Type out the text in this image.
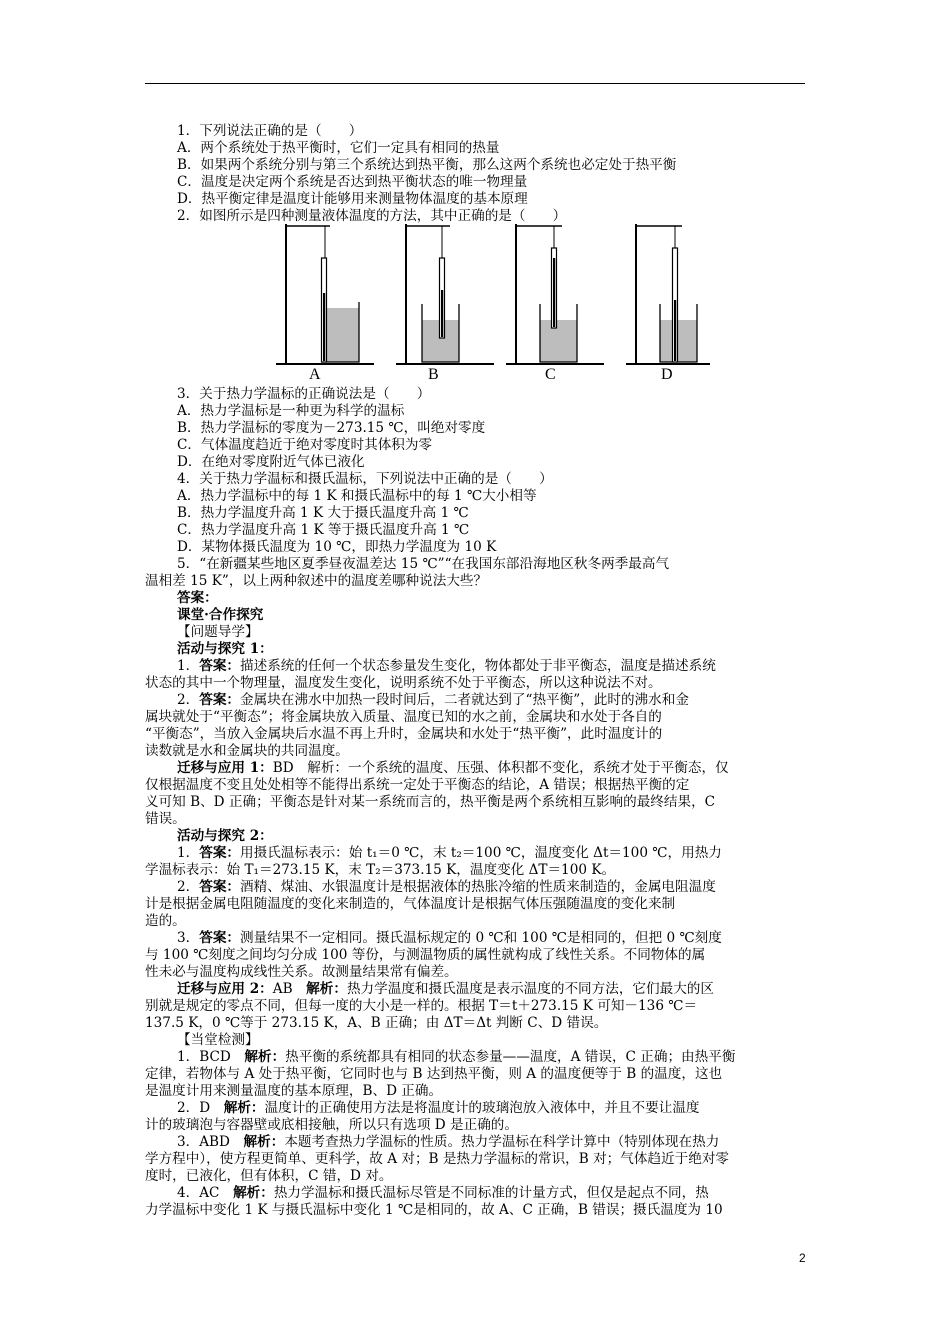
1．下列说法正确的是（　　）
A．两个系统处于热平衡时，它们一定具有相同的热量
B．如果两个系统分别与第三个系统达到热平衡，那么这两个系统也必定处于热平衡
C．温度是决定两个系统是否达到热平衡状态的唯一物理量
D．热平衡定律是温度计能够用来测量物体温度的基本原理
2．如图所示是四种测量液体温度的方法，其中正确的是（　　）
A	B	C	D
3．关于热力学温标的正确说法是（　　）
A．热力学温标是一种更为科学的温标
B．热力学温标的零度为－273.15 ℃，叫绝对零度
C．气体温度趋近于绝对零度时其体积为零
D．在绝对零度附近气体已液化
4．关于热力学温标和摄氏温标，下列说法中正确的是（　　）
A．热力学温标中的每 1 K 和摄氏温标中的每 1 ℃大小相等
B．热力学温度升高 1 K 大于摄氏温度升高 1 ℃
C．热力学温度升高 1 K 等于摄氏温度升高 1 ℃
D．某物体摄氏温度为 10 ℃，即热力学温度为 10 K
5．“在新疆某些地区夏季昼夜温差达 15 ℃”“在我国东部沿海地区秋冬两季最高气
温相差 15 K”，以上两种叙述中的温度差哪种说法大些？
答案：
课堂·合作探究
【问题导学】
活动与探究 1：
1．答案：描述系统的任何一个状态参量发生变化，物体都处于非平衡态，温度是描述系统
状态的其中一个物理量，温度发生变化，说明系统不处于平衡态，所以这种说法不对。
2．答案：金属块在沸水中加热一段时间后，二者就达到了“热平衡”，此时的沸水和金
属块就处于“平衡态”；将金属块放入质量、温度已知的水之前，金属块和水处于各自的
“平衡态”，当放入金属块后水温不再上升时，金属块和水处于“热平衡”，此时温度计的
读数就是水和金属块的共同温度。
迁移与应用 1：BD　解析：一个系统的温度、压强、体积都不变化，系统才处于平衡态，仅
仅根据温度不变且处处相等不能得出系统一定处于平衡态的结论，A 错误；根据热平衡的定
义可知 B、D 正确；平衡态是针对某一系统而言的，热平衡是两个系统相互影响的最终结果，C
错误。
活动与探究 2：
1．答案：用摄氏温标表示：始 t₁＝0 ℃，末 t₂＝100 ℃，温度变化 Δt＝100 ℃，用热力
学温标表示：始 T₁＝273.15 K，末 T₂＝373.15 K，温度变化 ΔT＝100 K。
2．答案：酒精、煤油、水银温度计是根据液体的热胀冷缩的性质来制造的，金属电阻温度
计是根据金属电阻随温度的变化来制造的，气体温度计是根据气体压强随温度的变化来制
造的。
3．答案：测量结果不一定相同。摄氏温标规定的 0 ℃和 100 ℃是相同的，但把 0 ℃刻度
与 100 ℃刻度之间均匀分成 100 等份，与测温物质的属性就构成了线性关系。不同物体的属
性未必与温度构成线性关系。故测量结果常有偏差。
迁移与应用 2：AB　解析：热力学温度和摄氏温度是表示温度的不同方法，它们最大的区
别就是规定的零点不同，但每一度的大小是一样的。根据 T＝t＋273.15 K 可知－136 ℃＝
137.5 K，0 ℃等于 273.15 K，A、B 正确；由 ΔT＝Δt 判断 C、D 错误。
【当堂检测】
1．BCD　解析：热平衡的系统都具有相同的状态参量——温度，A 错误，C 正确；由热平衡
定律，若物体与 A 处于热平衡，它同时也与 B 达到热平衡，则 A 的温度便等于 B 的温度，这也
是温度计用来测量温度的基本原理，B、D 正确。
2．D　解析：温度计的正确使用方法是将温度计的玻璃泡放入液体中，并且不要让温度
计的玻璃泡与容器壁或底相接触，所以只有选项 D 是正确的。
3．ABD　解析：本题考查热力学温标的性质。热力学温标在科学计算中（特别体现在热力
学方程中），使方程更简单、更科学，故 A 对；B 是热力学温标的常识，B 对；气体趋近于绝对零
度时，已液化，但有体积，C 错，D 对。
4．AC　解析：热力学温标和摄氏温标尽管是不同标准的计量方式，但仅是起点不同，热
力学温标中变化 1 K 与摄氏温标中变化 1 ℃是相同的，故 A、C 正确，B 错误；摄氏温度为 10
2
